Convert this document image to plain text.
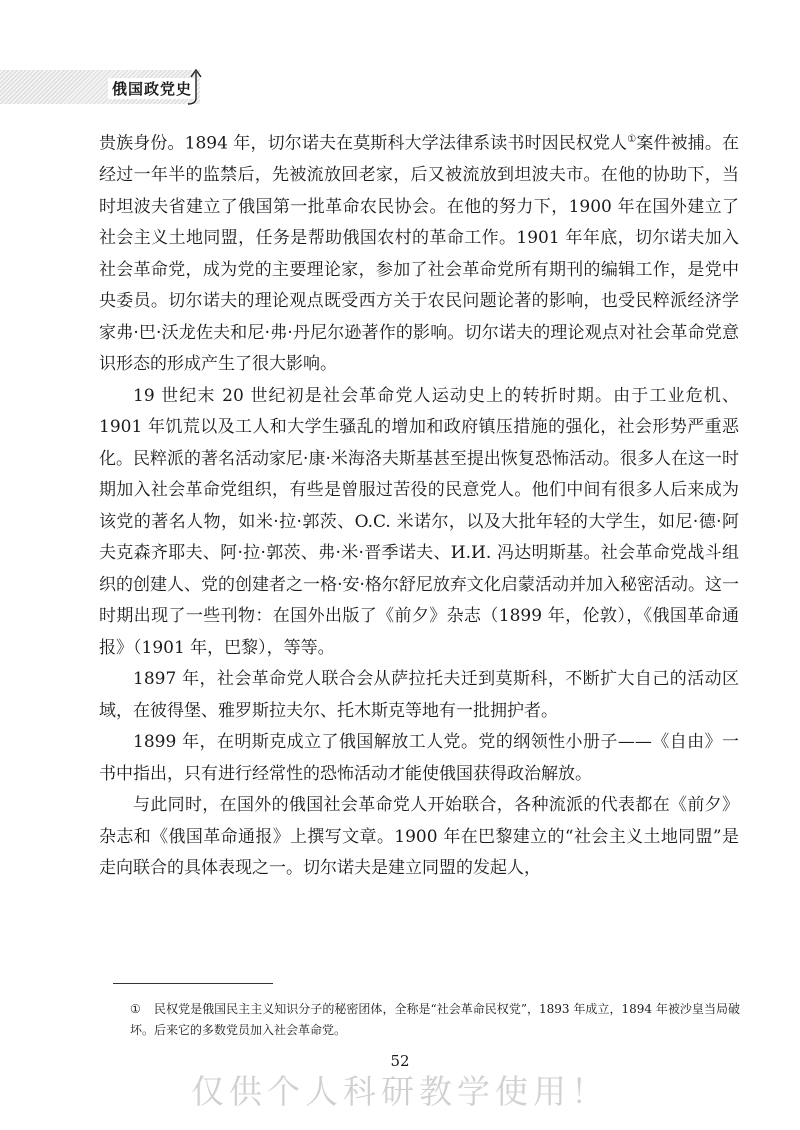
俄国政党史

贵族身份。1894 年，切尔诺夫在莫斯科大学法律系读书时因民权党人①案件被捕。在经过一年半的监禁后，先被流放回老家，后又被流放到坦波夫市。在他的协助下，当时坦波夫省建立了俄国第一批革命农民协会。在他的努力下，1900 年在国外建立了社会主义土地同盟，任务是帮助俄国农村的革命工作。1901 年年底，切尔诺夫加入社会革命党，成为党的主要理论家，参加了社会革命党所有期刊的编辑工作，是党中央委员。切尔诺夫的理论观点既受西方关于农民问题论著的影响，也受民粹派经济学家弗·巴·沃龙佐夫和尼·弗·丹尼尔逊著作的影响。切尔诺夫的理论观点对社会革命党意识形态的形成产生了很大影响。

19 世纪末 20 世纪初是社会革命党人运动史上的转折时期。由于工业危机、1901 年饥荒以及工人和大学生骚乱的增加和政府镇压措施的强化，社会形势严重恶化。民粹派的著名活动家尼·康·米海洛夫斯基甚至提出恢复恐怖活动。很多人在这一时期加入社会革命党组织，有些是曾服过苦役的民意党人。他们中间有很多人后来成为该党的著名人物，如米·拉·郭茨、O.C. 米诺尔，以及大批年轻的大学生，如尼·德·阿夫克森齐耶夫、阿·拉·郭茨、弗·米·晋季诺夫、И.И. 冯达明斯基。社会革命党战斗组织的创建人、党的创建者之一格·安·格尔舒尼放弃文化启蒙活动并加入秘密活动。这一时期出现了一些刊物：在国外出版了《前夕》杂志（1899 年，伦敦），《俄国革命通报》（1901 年，巴黎），等等。

1897 年，社会革命党人联合会从萨拉托夫迁到莫斯科，不断扩大自己的活动区域，在彼得堡、雅罗斯拉夫尔、托木斯克等地有一批拥护者。

1899 年，在明斯克成立了俄国解放工人党。党的纲领性小册子——《自由》一书中指出，只有进行经常性的恐怖活动才能使俄国获得政治解放。

与此同时，在国外的俄国社会革命党人开始联合，各种流派的代表都在《前夕》杂志和《俄国革命通报》上撰写文章。1900 年在巴黎建立的“社会主义土地同盟”是走向联合的具体表现之一。切尔诺夫是建立同盟的发起人，

① 民权党是俄国民主主义知识分子的秘密团体，全称是“社会革命民权党”，1893 年成立，1894 年被沙皇当局破坏。后来它的多数党员加入社会革命党。
52
仅供个人科研教学使用！
